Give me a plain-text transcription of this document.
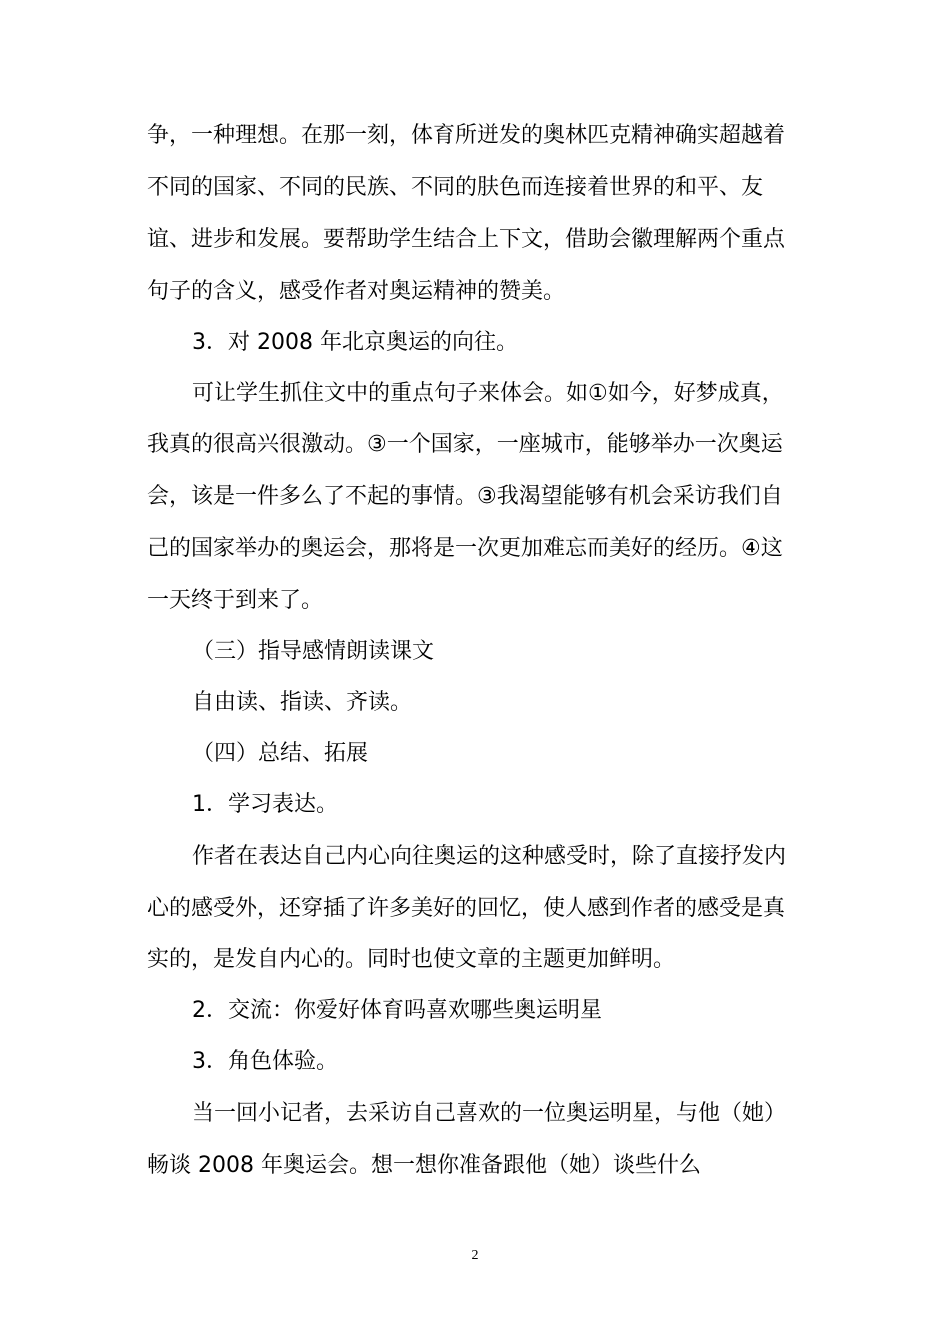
争，一种理想。在那一刻，体育所迸发的奥林匹克精神确实超越着
不同的国家、不同的民族、不同的肤色而连接着世界的和平、友
谊、进步和发展。要帮助学生结合上下文，借助会徽理解两个重点
句子的含义，感受作者对奥运精神的赞美。
3．对 2008 年北京奥运的向往。
可让学生抓住文中的重点句子来体会。如①如今，好梦成真，
我真的很高兴很激动。③一个国家，一座城市，能够举办一次奥运
会，该是一件多么了不起的事情。③我渴望能够有机会采访我们自
己的国家举办的奥运会，那将是一次更加难忘而美好的经历。④这
一天终于到来了。
（三）指导感情朗读课文
自由读、指读、齐读。
（四）总结、拓展
1．学习表达。
作者在表达自己内心向往奥运的这种感受时，除了直接抒发内
心的感受外，还穿插了许多美好的回忆，使人感到作者的感受是真
实的，是发自内心的。同时也使文章的主题更加鲜明。
2．交流：你爱好体育吗喜欢哪些奥运明星
3．角色体验。
当一回小记者，去采访自己喜欢的一位奥运明星，与他（她）
畅谈 2008 年奥运会。想一想你准备跟他（她）谈些什么
2
